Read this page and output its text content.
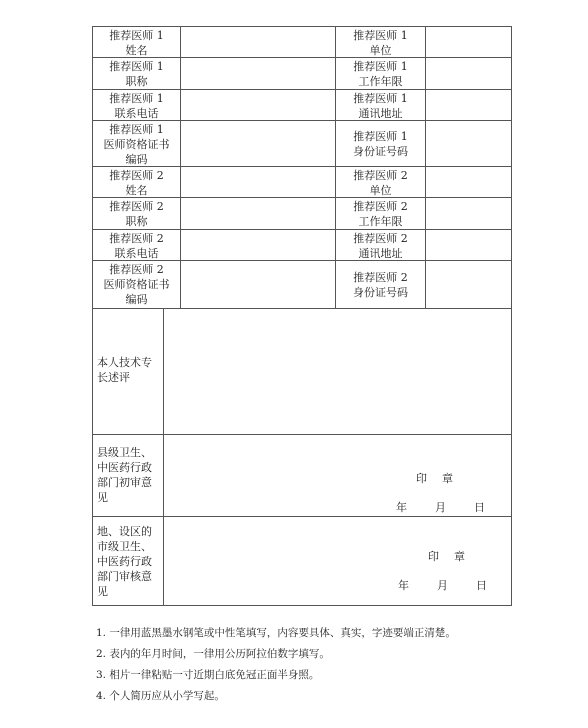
推荐医师 1
姓名
推荐医师 1
单位
推荐医师 1
职称
推荐医师 1
工作年限
推荐医师 1
联系电话
推荐医师 1
通讯地址
推荐医师 1
医师资格证书
编码
推荐医师 1
身份证号码
推荐医师 2
姓名
推荐医师 2
单位
推荐医师 2
职称
推荐医师 2
工作年限
推荐医师 2
联系电话
推荐医师 2
通讯地址
推荐医师 2
医师资格证书
编码
推荐医师 2
身份证号码
本人技术专
长述评
县级卫生、
中医药行政
部门初审意
见
地、设区的
市级卫生、
中医药行政
部门审核意
见
印　章
年　　月　　日
印　章
年　　月　　日
1. 一律用蓝黑墨水钢笔或中性笔填写，内容要具体、真实，字迹要端正清楚。
2. 表内的年月时间，一律用公历阿拉伯数字填写。
3. 相片一律粘贴一寸近期白底免冠正面半身照。
4. 个人简历应从小学写起。
